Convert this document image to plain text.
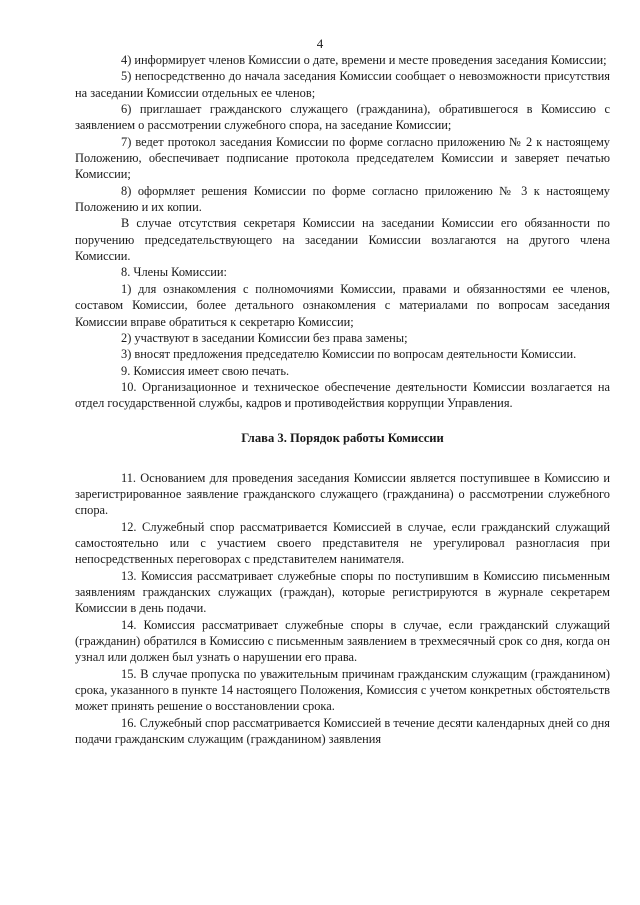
4

4) информирует членов Комиссии о дате, времени и месте проведения заседания Комиссии;

5) непосредственно до начала заседания Комиссии сообщает о невозможности присутствия на заседании Комиссии отдельных ее членов;

6) приглашает гражданского служащего (гражданина), обратившегося в Комиссию с заявлением о рассмотрении служебного спора, на заседание Комиссии;

7) ведет протокол заседания Комиссии по форме согласно приложению № 2 к настоящему Положению, обеспечивает подписание протокола председателем Комиссии и заверяет печатью Комиссии;

8) оформляет решения Комиссии по форме согласно приложению № 3 к настоящему Положению и их копии.

В случае отсутствия секретаря Комиссии на заседании Комиссии его обязанности по поручению председательствующего на заседании Комиссии возлагаются на другого члена Комиссии.

8. Члены Комиссии:

1) для ознакомления с полномочиями Комиссии, правами и обязанностями ее членов, составом Комиссии, более детального ознакомления с материалами по вопросам заседания Комиссии вправе обратиться к секретарю Комиссии;

2) участвуют в заседании Комиссии без права замены;

3) вносят предложения председателю Комиссии по вопросам деятельности Комиссии.

9. Комиссия имеет свою печать.

10. Организационное и техническое обеспечение деятельности Комиссии возлагается на отдел государственной службы, кадров и противодействия коррупции Управления.

Глава 3. Порядок работы Комиссии

11. Основанием для проведения заседания Комиссии является поступившее в Комиссию и зарегистрированное заявление гражданского служащего (гражданина) о рассмотрении служебного спора.

12. Служебный спор рассматривается Комиссией в случае, если гражданский служащий самостоятельно или с участием своего представителя не урегулировал разногласия при непосредственных переговорах с представителем нанимателя.

13. Комиссия рассматривает служебные споры по поступившим в Комиссию письменным заявлениям гражданских служащих (граждан), которые регистрируются в журнале секретарем Комиссии в день подачи.

14. Комиссия рассматривает служебные споры в случае, если гражданский служащий (гражданин) обратился в Комиссию с письменным заявлением в трехмесячный срок со дня, когда он узнал или должен был узнать о нарушении его права.

15. В случае пропуска по уважительным причинам гражданским служащим (гражданином) срока, указанного в пункте 14 настоящего Положения, Комиссия с учетом конкретных обстоятельств может принять решение о восстановлении срока.

16. Служебный спор рассматривается Комиссией в течение десяти календарных дней со дня подачи гражданским служащим (гражданином) заявления
